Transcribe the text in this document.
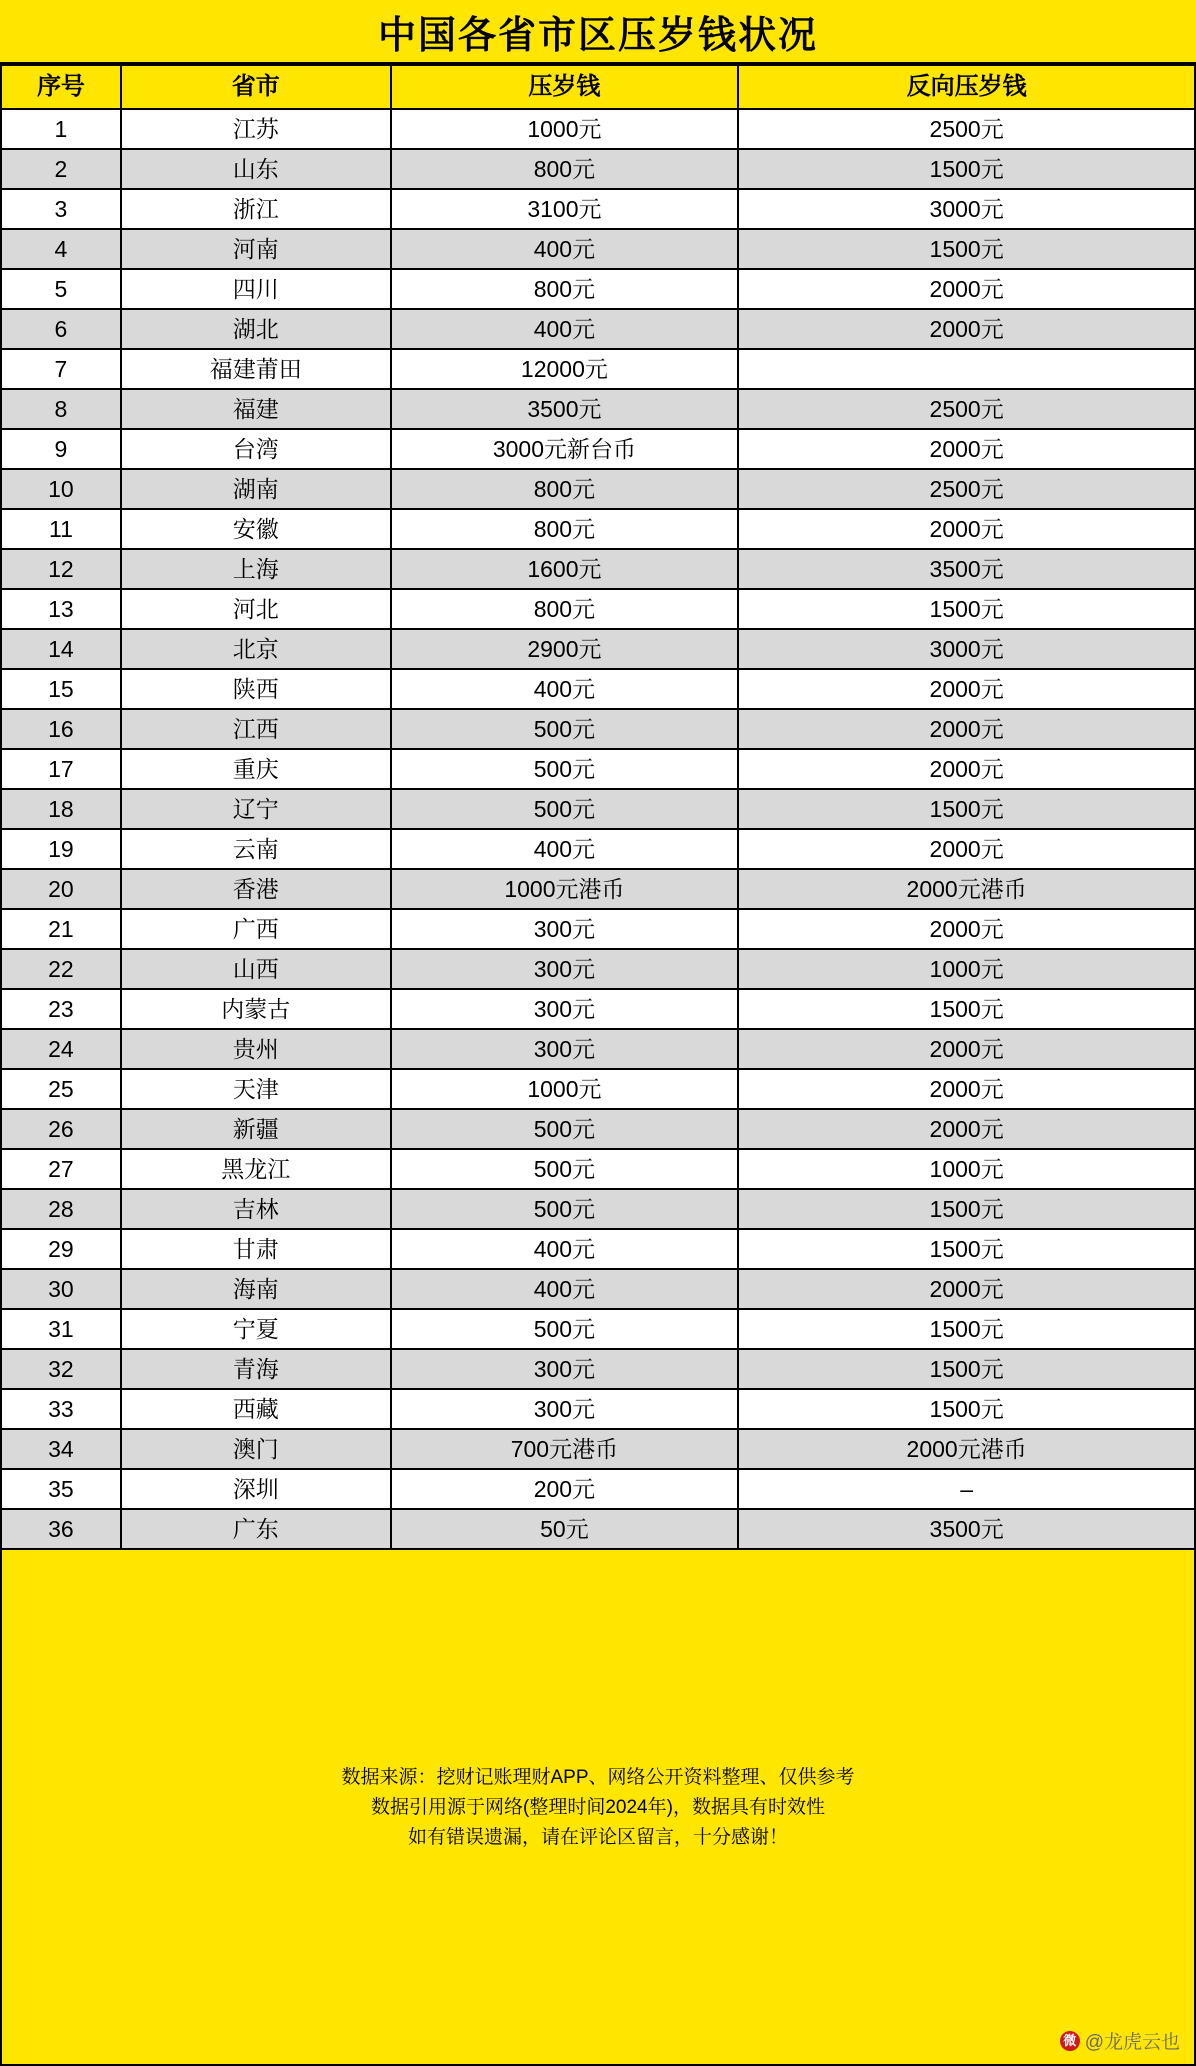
中国各省市区压岁钱状况
序号	省市	压岁钱	反向压岁钱
1	江苏	1000元	2500元
2	山东	800元	1500元
3	浙江	3100元	3000元
4	河南	400元	1500元
5	四川	800元	2000元
6	湖北	400元	2000元
7	福建莆田	12000元	
8	福建	3500元	2500元
9	台湾	3000元新台币	2000元
10	湖南	800元	2500元
11	安徽	800元	2000元
12	上海	1600元	3500元
13	河北	800元	1500元
14	北京	2900元	3000元
15	陕西	400元	2000元
16	江西	500元	2000元
17	重庆	500元	2000元
18	辽宁	500元	1500元
19	云南	400元	2000元
20	香港	1000元港币	2000元港币
21	广西	300元	2000元
22	山西	300元	1000元
23	内蒙古	300元	1500元
24	贵州	300元	2000元
25	天津	1000元	2000元
26	新疆	500元	2000元
27	黑龙江	500元	1000元
28	吉林	500元	1500元
29	甘肃	400元	1500元
30	海南	400元	2000元
31	宁夏	500元	1500元
32	青海	300元	1500元
33	西藏	300元	1500元
34	澳门	700元港币	2000元港币
35	深圳	200元	–
36	广东	50元	3500元
数据来源：挖财记账理财APP、网络公开资料整理、仅供参考
数据引用源于网络(整理时间2024年)，数据具有时效性
如有错误遗漏，请在评论区留言，十分感谢！
微 @龙虎云也
